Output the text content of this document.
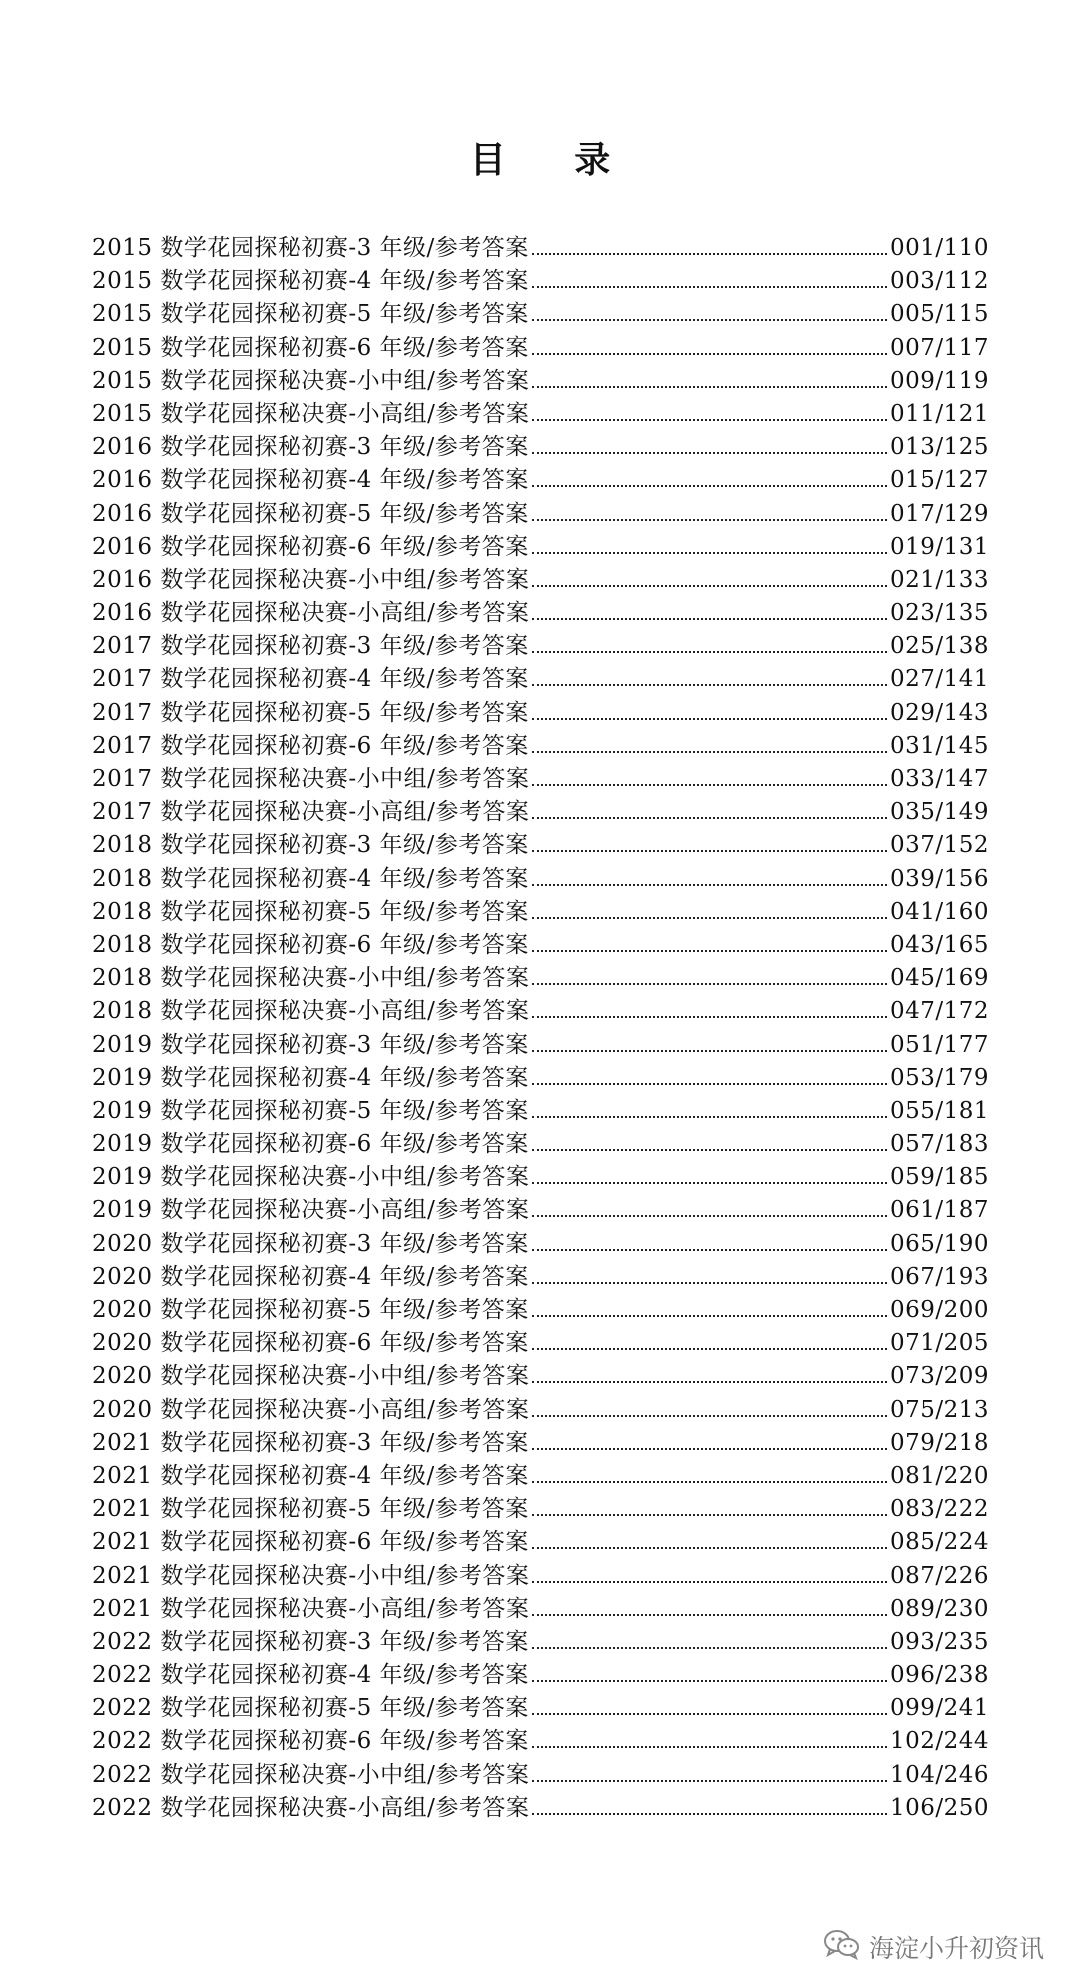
目 录
2015 数学花园探秘初赛-3 年级/参考答案	001/110
2015 数学花园探秘初赛-4 年级/参考答案	003/112
2015 数学花园探秘初赛-5 年级/参考答案	005/115
2015 数学花园探秘初赛-6 年级/参考答案	007/117
2015 数学花园探秘决赛-小中组/参考答案	009/119
2015 数学花园探秘决赛-小高组/参考答案	011/121
2016 数学花园探秘初赛-3 年级/参考答案	013/125
2016 数学花园探秘初赛-4 年级/参考答案	015/127
2016 数学花园探秘初赛-5 年级/参考答案	017/129
2016 数学花园探秘初赛-6 年级/参考答案	019/131
2016 数学花园探秘决赛-小中组/参考答案	021/133
2016 数学花园探秘决赛-小高组/参考答案	023/135
2017 数学花园探秘初赛-3 年级/参考答案	025/138
2017 数学花园探秘初赛-4 年级/参考答案	027/141
2017 数学花园探秘初赛-5 年级/参考答案	029/143
2017 数学花园探秘初赛-6 年级/参考答案	031/145
2017 数学花园探秘决赛-小中组/参考答案	033/147
2017 数学花园探秘决赛-小高组/参考答案	035/149
2018 数学花园探秘初赛-3 年级/参考答案	037/152
2018 数学花园探秘初赛-4 年级/参考答案	039/156
2018 数学花园探秘初赛-5 年级/参考答案	041/160
2018 数学花园探秘初赛-6 年级/参考答案	043/165
2018 数学花园探秘决赛-小中组/参考答案	045/169
2018 数学花园探秘决赛-小高组/参考答案	047/172
2019 数学花园探秘初赛-3 年级/参考答案	051/177
2019 数学花园探秘初赛-4 年级/参考答案	053/179
2019 数学花园探秘初赛-5 年级/参考答案	055/181
2019 数学花园探秘初赛-6 年级/参考答案	057/183
2019 数学花园探秘决赛-小中组/参考答案	059/185
2019 数学花园探秘决赛-小高组/参考答案	061/187
2020 数学花园探秘初赛-3 年级/参考答案	065/190
2020 数学花园探秘初赛-4 年级/参考答案	067/193
2020 数学花园探秘初赛-5 年级/参考答案	069/200
2020 数学花园探秘初赛-6 年级/参考答案	071/205
2020 数学花园探秘决赛-小中组/参考答案	073/209
2020 数学花园探秘决赛-小高组/参考答案	075/213
2021 数学花园探秘初赛-3 年级/参考答案	079/218
2021 数学花园探秘初赛-4 年级/参考答案	081/220
2021 数学花园探秘初赛-5 年级/参考答案	083/222
2021 数学花园探秘初赛-6 年级/参考答案	085/224
2021 数学花园探秘决赛-小中组/参考答案	087/226
2021 数学花园探秘决赛-小高组/参考答案	089/230
2022 数学花园探秘初赛-3 年级/参考答案	093/235
2022 数学花园探秘初赛-4 年级/参考答案	096/238
2022 数学花园探秘初赛-5 年级/参考答案	099/241
2022 数学花园探秘初赛-6 年级/参考答案	102/244
2022 数学花园探秘决赛-小中组/参考答案	104/246
2022 数学花园探秘决赛-小高组/参考答案	106/250
海淀小升初资讯
